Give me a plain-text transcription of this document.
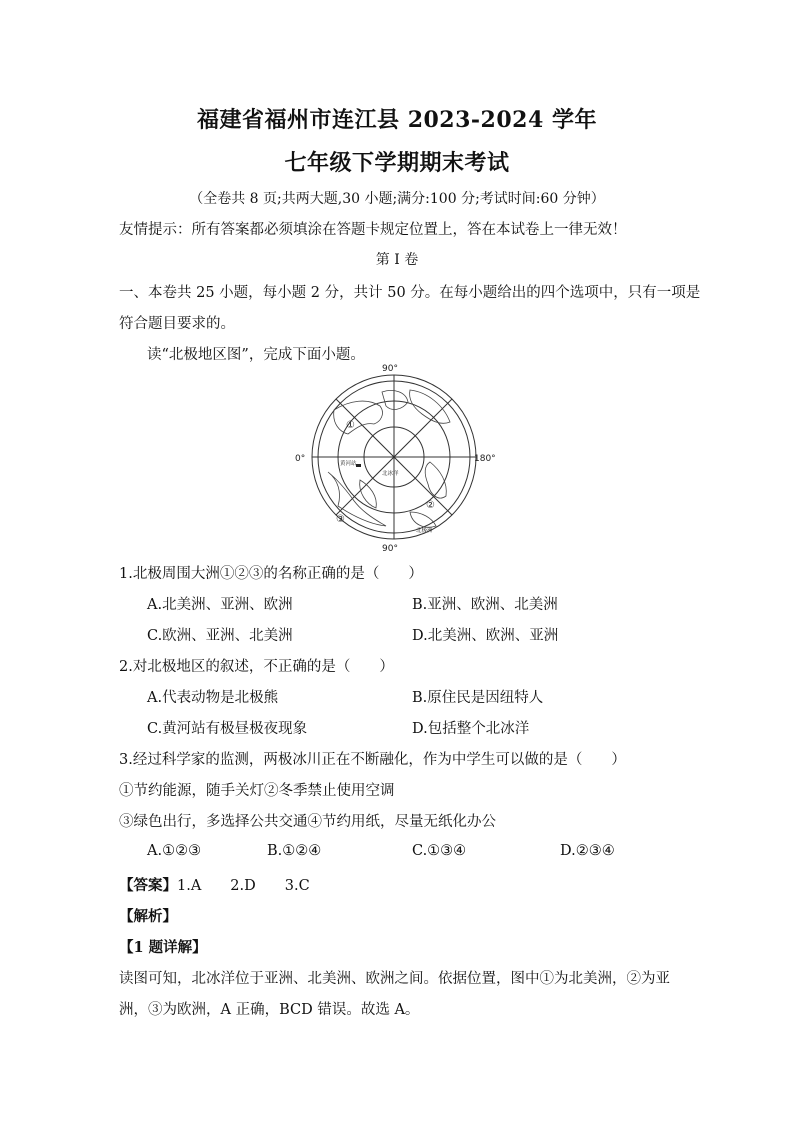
福建省福州市连江县 2023-2024 学年
七年级下学期期末考试
（全卷共 8 页;共两大题,30 小题;满分:100 分;考试时间:60 分钟）
友情提示：所有答案都必须填涂在答题卡规定位置上，答在本试卷上一律无效！
第 I 卷
一、本卷共 25 小题，每小题 2 分，共计 50 分。在每小题给出的四个选项中，只有一项是
符合题目要求的。
读“北极地区图”，完成下面小题。
90°
90°
0°	180°
黄河站
北冰洋
北极洲
①
②
③
1.北极周围大洲①②③的名称正确的是（　　）
A.北美洲、亚洲、欧洲	B.亚洲、欧洲、北美洲
C.欧洲、亚洲、北美洲	D.北美洲、欧洲、亚洲
2.对北极地区的叙述，不正确的是（　　）
A.代表动物是北极熊	B.原住民是因纽特人
C.黄河站有极昼极夜现象	D.包括整个北冰洋
3.经过科学家的监测，两极冰川正在不断融化，作为中学生可以做的是（　　）
①节约能源，随手关灯②冬季禁止使用空调
③绿色出行，多选择公共交通④节约用纸，尽量无纸化办公
A.①②③	B.①②④	C.①③④	D.②③④
【答案】1.A　　2.D　　3.C
【解析】
【1 题详解】
读图可知，北冰洋位于亚洲、北美洲、欧洲之间。依据位置，图中①为北美洲，②为亚
洲，③为欧洲，A 正确，BCD 错误。故选 A。
